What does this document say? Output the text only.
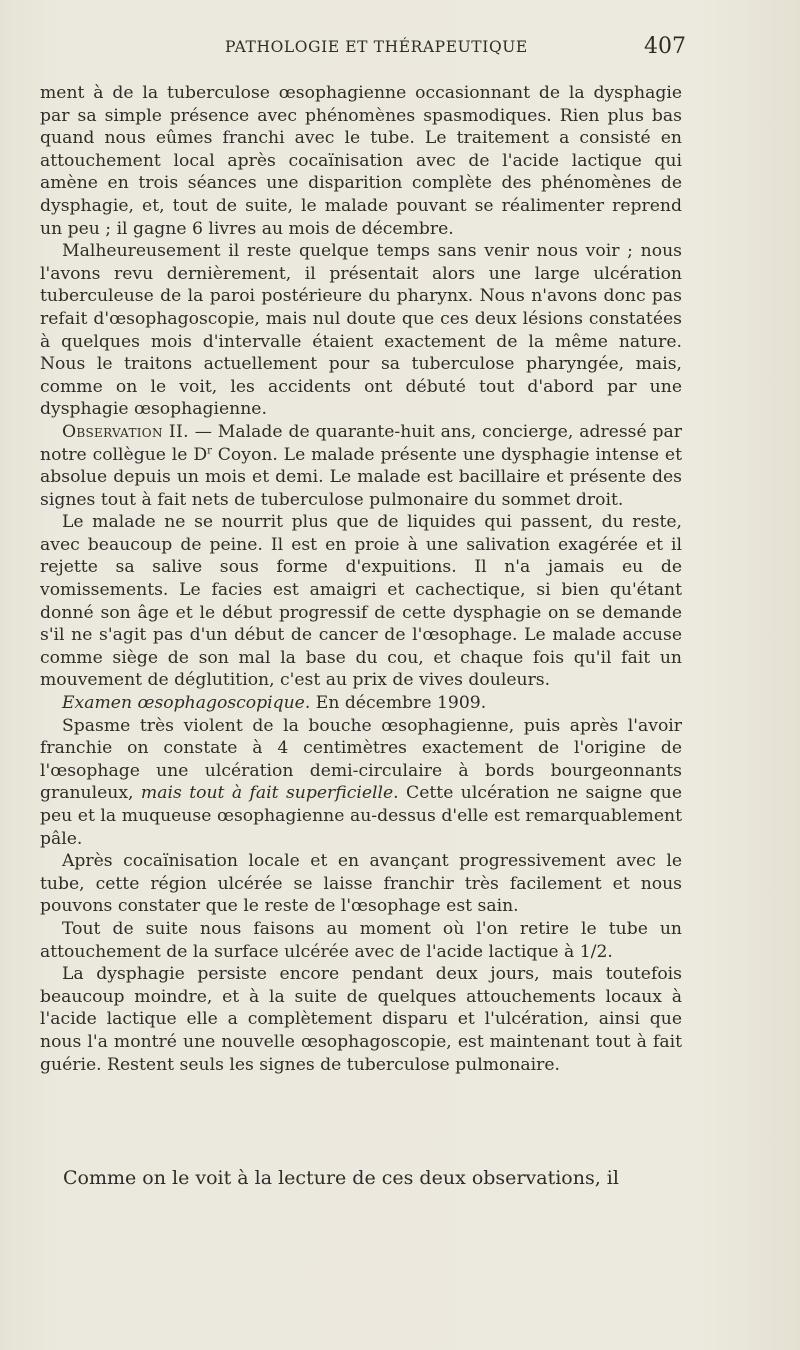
PATHOLOGIE ET THÉRAPEUTIQUE	407

ment à de la tuberculose œsophagienne occasionnant de la dysphagie par sa simple présence avec phénomènes spasmodiques. Rien plus bas quand nous eûmes franchi avec le tube. Le traitement a consisté en attouchement local après cocaïnisation avec de l'acide lactique qui amène en trois séances une disparition complète des phénomènes de dysphagie, et, tout de suite, le malade pouvant se réalimenter reprend un peu ; il gagne 6 livres au mois de décembre.

Malheureusement il reste quelque temps sans venir nous voir ; nous l'avons revu dernièrement, il présentait alors une large ulcération tuberculeuse de la paroi postérieure du pharynx. Nous n'avons donc pas refait d'œsophagoscopie, mais nul doute que ces deux lésions constatées à quelques mois d'intervalle étaient exactement de la même nature. Nous le traitons actuellement pour sa tuberculose pharyngée, mais, comme on le voit, les accidents ont débuté tout d'abord par une dysphagie œsophagienne.

Observation II. — Malade de quarante-huit ans, concierge, adressé par notre collègue le $D^r$ Coyon. Le malade présente une dysphagie intense et absolue depuis un mois et demi. Le malade est bacillaire et présente des signes tout à fait nets de tuberculose pulmonaire du sommet droit.

Le malade ne se nourrit plus que de liquides qui passent, du reste, avec beaucoup de peine. Il est en proie à une salivation exagérée et il rejette sa salive sous forme d'expuitions. Il n'a jamais eu de vomissements. Le facies est amaigri et cachectique, si bien qu'étant donné son âge et le début progressif de cette dysphagie on se demande s'il ne s'agit pas d'un début de cancer de l'œsophage. Le malade accuse comme siège de son mal la base du cou, et chaque fois qu'il fait un mouvement de déglutition, c'est au prix de vives douleurs.

Examen œsophagoscopique. En décembre 1909.

Spasme très violent de la bouche œsophagienne, puis après l'avoir franchie on constate à 4 centimètres exactement de l'origine de l'œsophage une ulcération demi-circulaire à bords bourgeonnants granuleux, mais tout à fait superficielle. Cette ulcération ne saigne que peu et la muqueuse œsophagienne au-dessus d'elle est remarquablement pâle.

Après cocaïnisation locale et en avançant progressivement avec le tube, cette région ulcérée se laisse franchir très facilement et nous pouvons constater que le reste de l'œsophage est sain.

Tout de suite nous faisons au moment où l'on retire le tube un attouchement de la surface ulcérée avec de l'acide lactique à 1/2.

La dysphagie persiste encore pendant deux jours, mais toutefois beaucoup moindre, et à la suite de quelques attouchements locaux à l'acide lactique elle a complètement disparu et l'ulcération, ainsi que nous l'a montré une nouvelle œsophagoscopie, est maintenant tout à fait guérie. Restent seuls les signes de tuberculose pulmonaire.

Comme on le voit à la lecture de ces deux observations, il
